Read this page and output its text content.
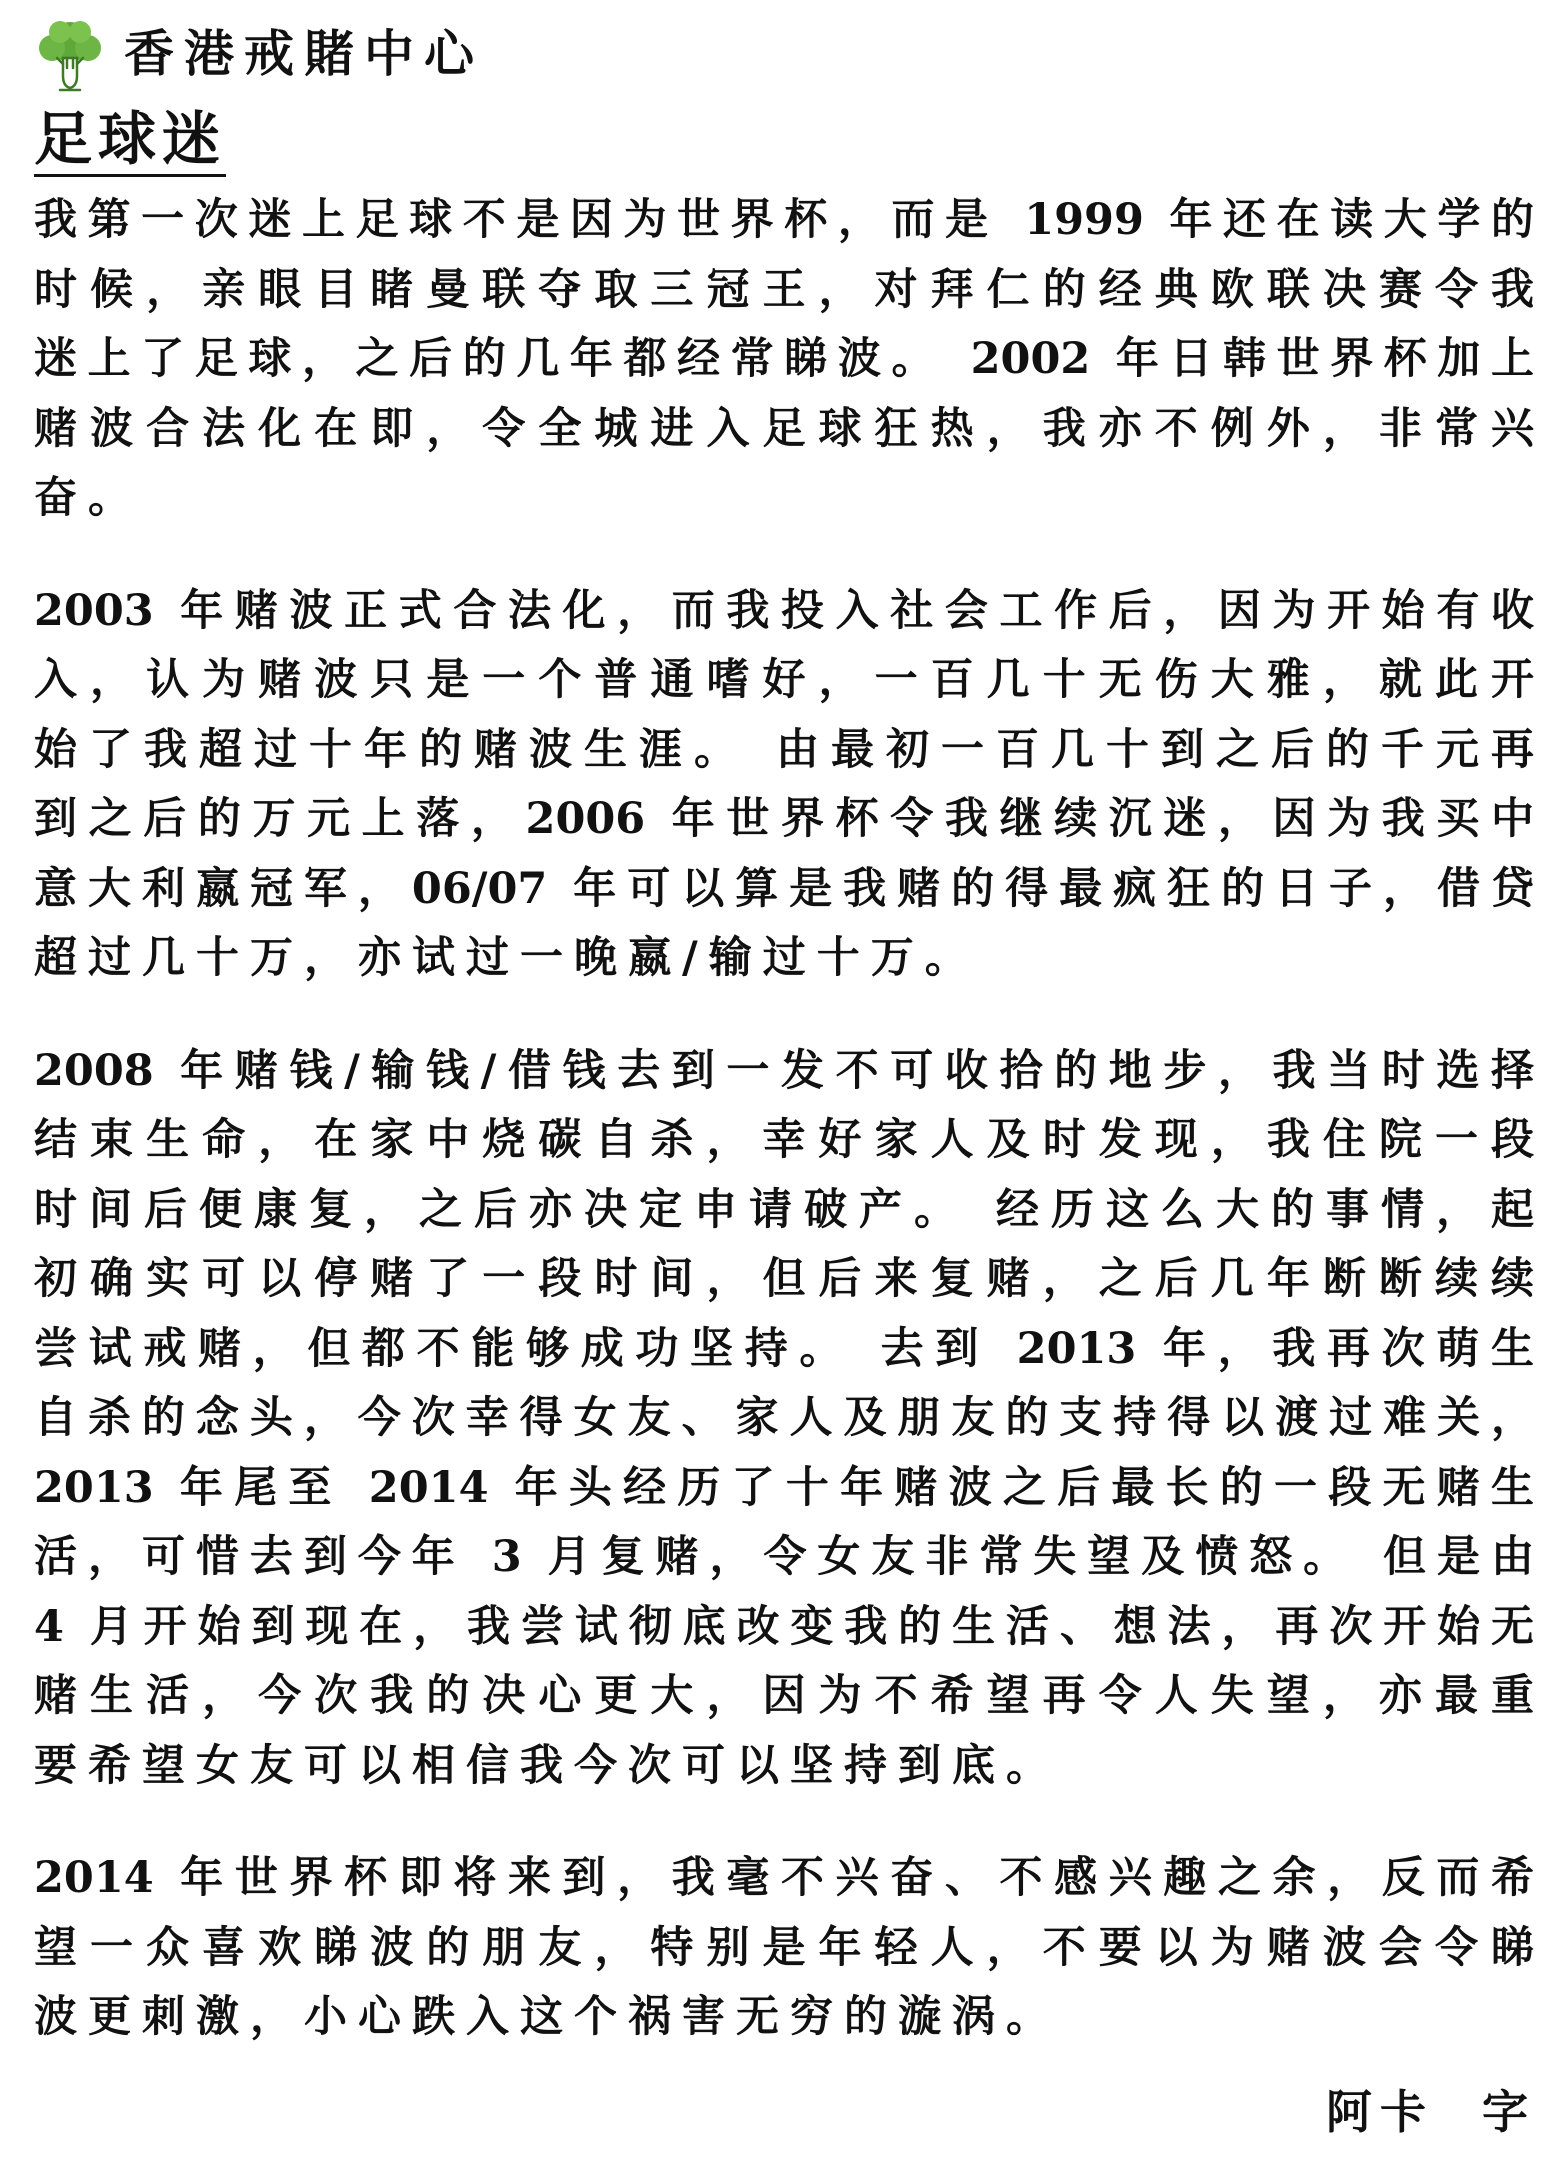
香港戒賭中心
足球迷
我第一次迷上足球不是因为世界杯，而是 1999 年还在读大学的
时候，亲眼目睹曼联夺取三冠王，对拜仁的经典欧联决赛令我
迷上了足球，之后的几年都经常睇波。 2002 年日韩世界杯加上
赌波合法化在即，令全城进入足球狂热，我亦不例外，非常兴
奋。
2003 年赌波正式合法化，而我投入社会工作后，因为开始有收
入，认为赌波只是一个普通嗜好，一百几十无伤大雅，就此开
始了我超过十年的赌波生涯。 由最初一百几十到之后的千元再
到之后的万元上落，2006 年世界杯令我继续沉迷，因为我买中
意大利嬴冠军，06/07 年可以算是我赌的得最疯狂的日子，借贷
超过几十万，亦试过一晚嬴/输过十万。
2008 年赌钱/输钱/借钱去到一发不可收拾的地步，我当时选择
结束生命，在家中烧碳自杀，幸好家人及时发现，我住院一段
时间后便康复，之后亦决定申请破产。 经历这么大的事情，起
初确实可以停赌了一段时间，但后来复赌，之后几年断断续续
尝试戒赌，但都不能够成功坚持。 去到 2013 年，我再次萌生
自杀的念头，今次幸得女友、家人及朋友的支持得以渡过难关，
2013 年尾至 2014 年头经历了十年赌波之后最长的一段无赌生
活，可惜去到今年 3 月复赌，令女友非常失望及愤怒。 但是由
4 月开始到现在，我尝试彻底改变我的生活、想法，再次开始无
赌生活，今次我的决心更大，因为不希望再令人失望，亦最重
要希望女友可以相信我今次可以坚持到底。
2014 年世界杯即将来到，我毫不兴奋、不感兴趣之余，反而希
望一众喜欢睇波的朋友，特别是年轻人，不要以为赌波会令睇
波更刺激，小心跌入这个祸害无穷的漩涡。
阿卡  字
